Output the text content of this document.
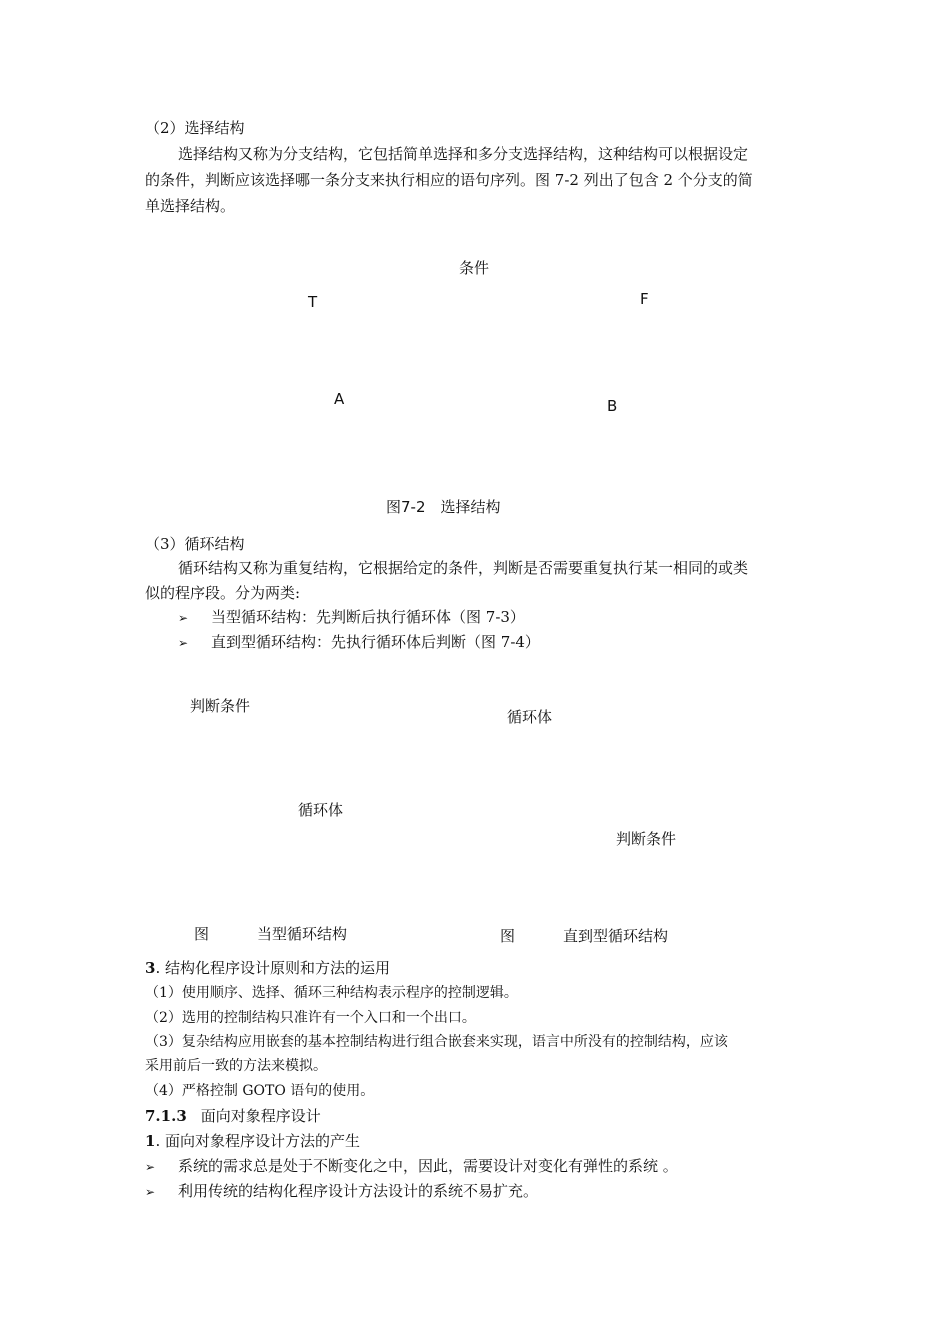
（2）选择结构
选择结构又称为分支结构，它包括简单选择和多分支选择结构，这种结构可以根据设定
的条件，判断应该选择哪一条分支来执行相应的语句序列。图 7-2 列出了包含 2 个分支的简
单选择结构。
条件
T	F
A	B
图7-2　选择结构
（3）循环结构
循环结构又称为重复结构，它根据给定的条件，判断是否需要重复执行某一相同的或类
似的程序段。分为两类:
➢ 当型循环结构：先判断后执行循环体（图 7-3）
➢ 直到型循环结构：先执行循环体后判断（图 7-4）
判断条件
循环体
循环体
判断条件
图	当型循环结构	图	直到型循环结构
3. 结构化程序设计原则和方法的运用
（1）使用顺序、选择、循环三种结构表示程序的控制逻辑。
（2）选用的控制结构只准许有一个入口和一个出口。
（3）复杂结构应用嵌套的基本控制结构进行组合嵌套来实现，语言中所没有的控制结构，应该
采用前后一致的方法来模拟。
（4）严格控制 GOTO 语句的使用。
7.1.3 面向对象程序设计
1. 面向对象程序设计方法的产生
➢ 系统的需求总是处于不断变化之中，因此，需要设计对变化有弹性的系统 。
➢ 利用传统的结构化程序设计方法设计的系统不易扩充。
